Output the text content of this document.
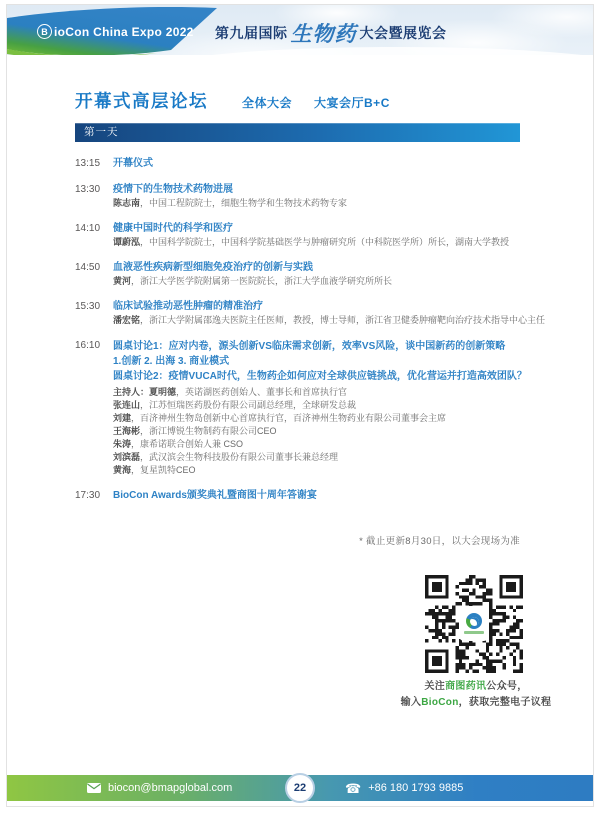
B ioCon China Expo 2022 第九届国际 生物药 大会暨展览会
开幕式高层论坛	全体大会 大宴会厅B+C
第一天
13:15	开幕仪式
13:30	疫情下的生物技术药物进展
陈志南，中国工程院院士，细胞生物学和生物技术药物专家
14:10	健康中国时代的科学和医疗
谭蔚泓，中国科学院院士，中国科学院基础医学与肿瘤研究所（中科院医学所）所长，湖南大学教授
14:50	血液恶性疾病新型细胞免疫治疗的创新与实践
黄河，浙江大学医学院附属第一医院院长，浙江大学血液学研究所所长
15:30	临床试验推动恶性肿瘤的精准治疗
潘宏铭，浙江大学附属邵逸夫医院主任医师，教授，博士导师，浙江省卫健委肿瘤靶向治疗技术指导中心主任
16:10	圆桌讨论1：应对内卷，源头创新VS临床需求创新，效率VS风险，谈中国新药的创新策略
1.创新 2. 出海 3. 商业模式
圆桌讨论2：疫情VUCA时代，生物药企如何应对全球供应链挑战，优化营运并打造高效团队？
主持人：夏明德，英诺湖医药创始人、董事长和首席执行官
张连山，江苏恒瑞医药股份有限公司副总经理，全球研发总裁
刘建，百济神州生物岛创新中心首席执行官，百济神州生物药业有限公司董事会主席
王海彬，浙江博锐生物制药有限公司CEO
朱涛，康希诺联合创始人兼 CSO
刘滨磊，武汉滨会生物科技股份有限公司董事长兼总经理
黄海，复星凯特CEO
17:30	BioCon Awards颁奖典礼暨商图十周年答谢宴
* 截止更新8月30日，以大会现场为准
关注商图药讯公众号，
输入BioCon，获取完整电子议程
biocon@bmapglobal.com	22	☎ +86 180 1793 9885
